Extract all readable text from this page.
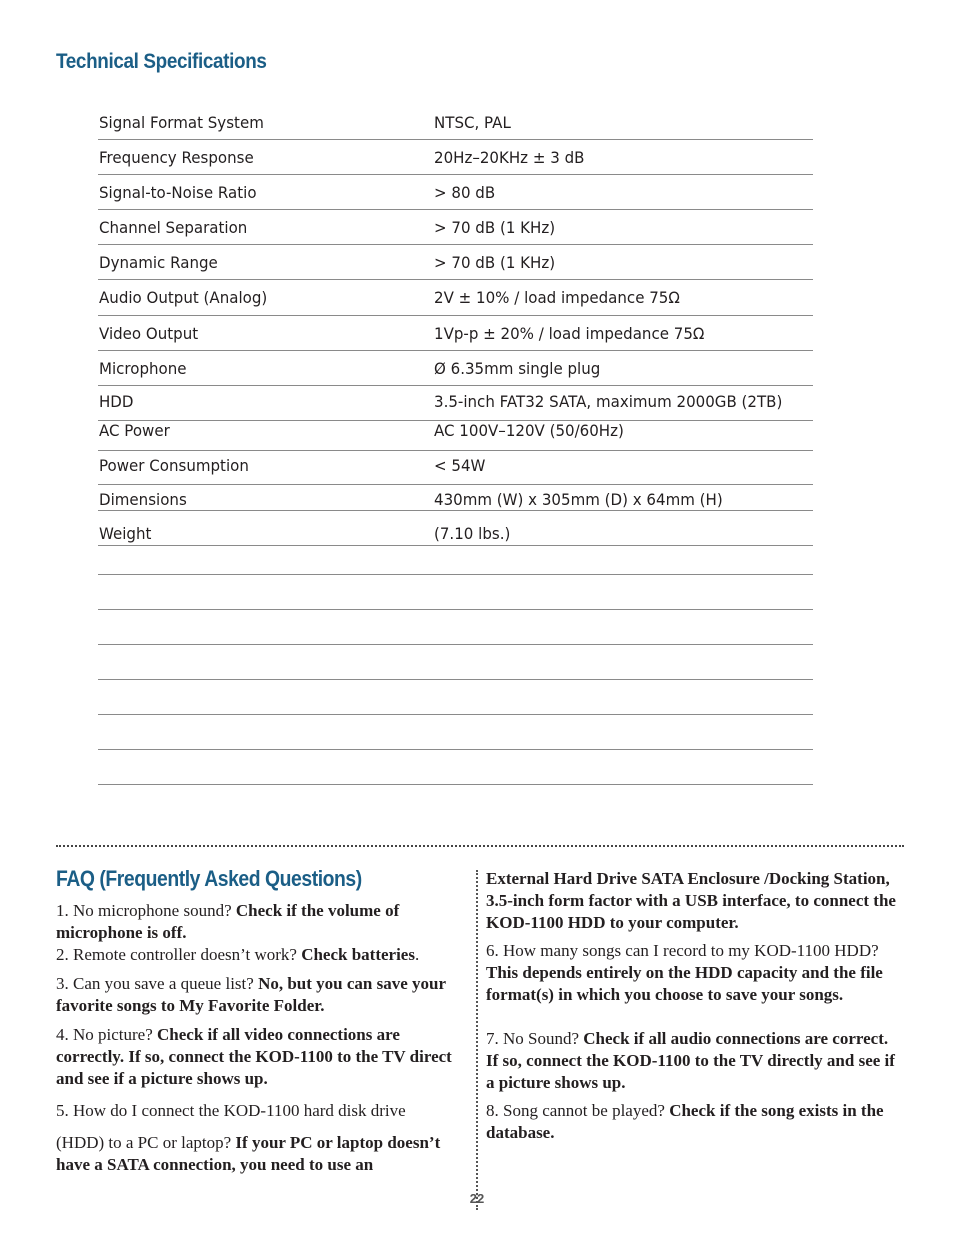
Technical Specifications
Signal Format System	NTSC, PAL
Frequency Response	20Hz–20KHz ± 3 dB
Signal-to-Noise Ratio	> 80 dB
Channel Separation	> 70 dB (1 KHz)
Dynamic Range	> 70 dB (1 KHz)
Audio Output (Analog)	2V ± 10% / load impedance 75Ω
Video Output	1Vp-p ± 20% / load impedance 75Ω
Microphone	Ø 6.35mm single plug
HDD	3.5-inch FAT32 SATA, maximum 2000GB (2TB)
AC Power	AC 100V–120V (50/60Hz)
Power Consumption	< 54W
Dimensions	430mm (W) x 305mm (D) x 64mm (H)
Weight	(7.10 lbs.)
FAQ (Frequently Asked Questions)

1. No microphone sound? Check if the volume of microphone is off.

2. Remote controller doesn’t work? Check batteries.

3. Can you save a queue list? No, but you can save your favorite songs to My Favorite Folder.

4. No picture? Check if all video connections are correctly. If so, connect the KOD-1100 to the TV direct and see if a picture shows up.

5. How do I connect the KOD-1100 hard disk drive

(HDD) to a PC or laptop? If your PC or laptop doesn’t have a SATA connection, you need to use an

External Hard Drive SATA Enclosure /Docking Station, 3.5-inch form factor with a USB interface, to connect the KOD-1100 HDD to your computer.

6. How many songs can I record to my KOD-1100 HDD? This depends entirely on the HDD capacity and the file format(s) in which you choose to save your songs.

7. No Sound? Check if all audio connections are correct. If so, connect the KOD-1100 to the TV directly and see if a picture shows up.

8. Song cannot be played? Check if the song exists in the database.

22
